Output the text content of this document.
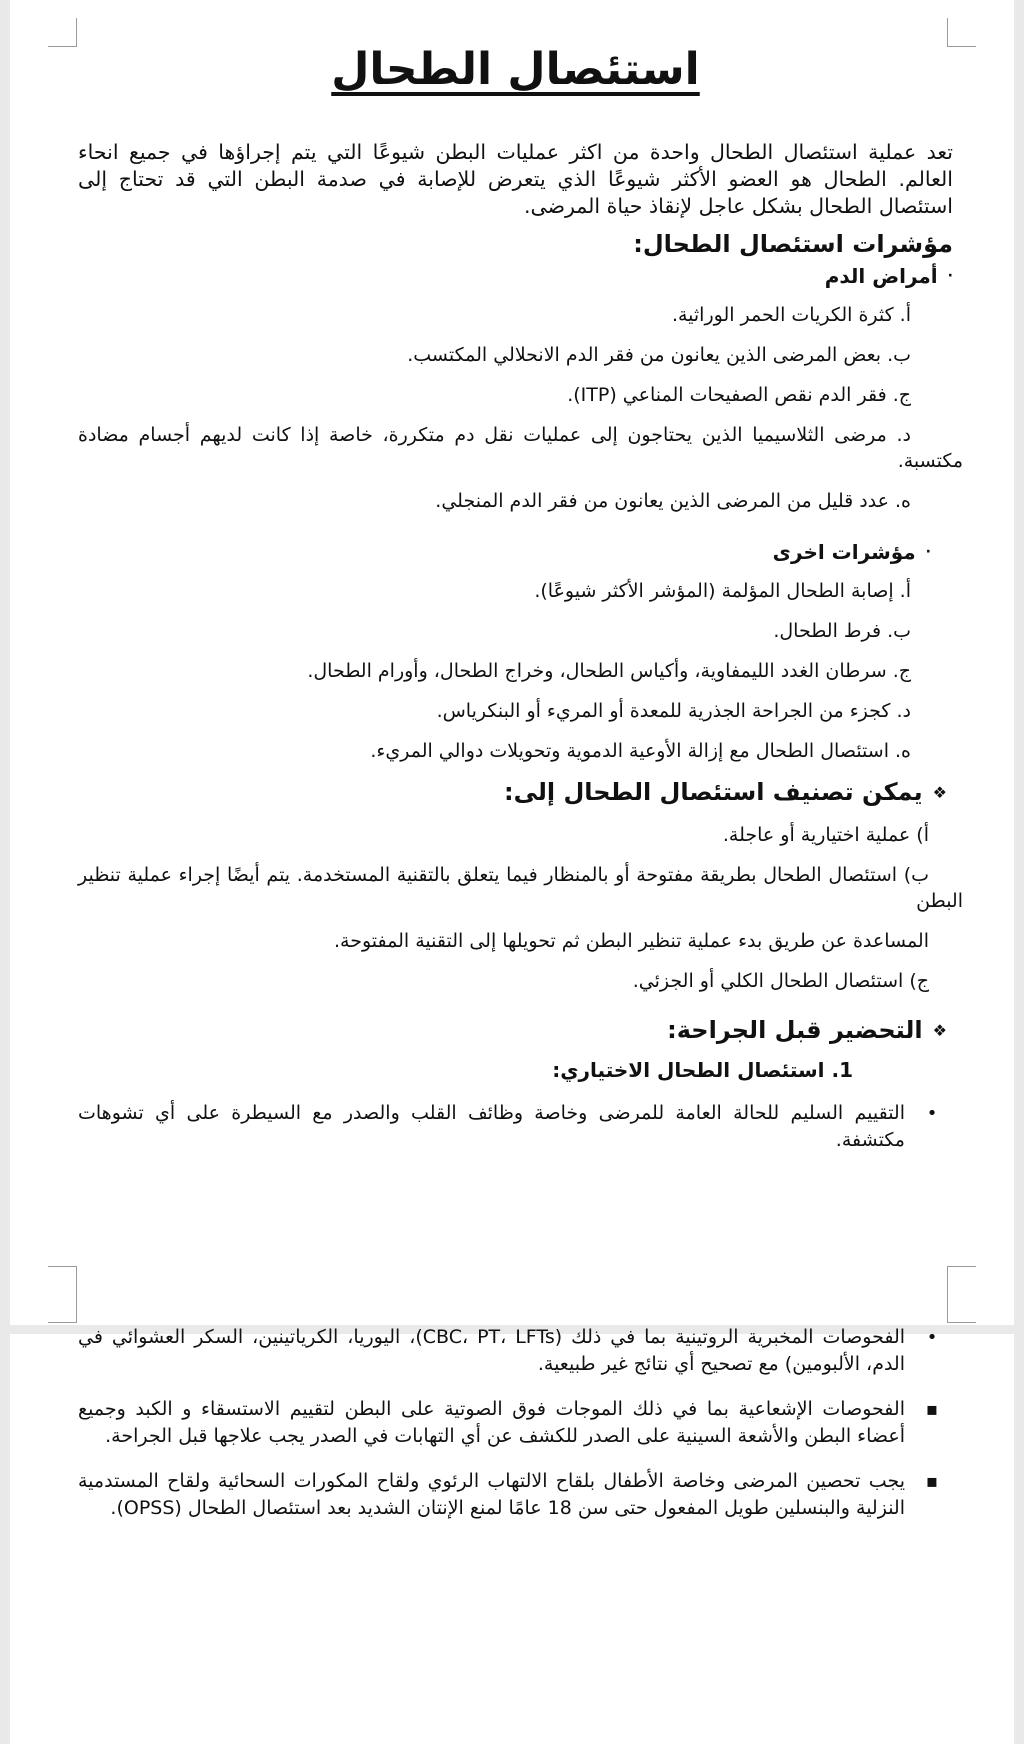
استئصال الطحال

تعد عملية استئصال الطحال واحدة من اكثر عمليات البطن شيوعًا التي يتم إجراؤها في جميع انحاء العالم. الطحال هو العضو الأكثر شيوعًا الذي يتعرض للإصابة في صدمة البطن التي قد تحتاج إلى استئصال الطحال بشكل عاجل لإنقاذ حياة المرضى.

مؤشرات استئصال الطحال:
·
أمراض الدم
أ.
كثرة الكريات الحمر الوراثية.
ب.
بعض المرضى الذين يعانون من فقر الدم الانحلالي المكتسب.
ج.
فقر الدم نقص الصفيحات المناعي (ITP).
د. مرضى الثلاسيميا الذين يحتاجون إلى عمليات نقل دم متكررة، خاصة إذا كانت لديهم أجسام مضادة مكتسبة.
ه.
عدد قليل من المرضى الذين يعانون من فقر الدم المنجلي.
·
مؤشرات اخرى
أ.
إصابة الطحال المؤلمة (المؤشر الأكثر شيوعًا).
ب.
فرط الطحال.
ج.
سرطان الغدد الليمفاوية، وأكياس الطحال، وخراج الطحال، وأورام الطحال.
د.
كجزء من الجراحة الجذرية للمعدة أو المريء أو البنكرياس.
ه.
استئصال الطحال مع إزالة الأوعية الدموية وتحويلات دوالي المريء.
❖
يمكن تصنيف استئصال الطحال إلى:
أ) عملية اختيارية أو عاجلة.
ب) استئصال الطحال بطريقة مفتوحة أو بالمنظار فيما يتعلق بالتقنية المستخدمة. يتم أيضًا إجراء عملية تنظير البطن
المساعدة عن طريق بدء عملية تنظير البطن ثم تحويلها إلى التقنية المفتوحة.
ج) استئصال الطحال الكلي أو الجزئي.
❖
التحضير قبل الجراحة:
1. استئصال الطحال الاختياري:
•
التقييم السليم للحالة العامة للمرضى وخاصة وظائف القلب والصدر مع السيطرة على أي تشوهات مكتشفة.
•
الفحوصات المخبرية الروتينية بما في ذلك (CBC، PT، LFTs)، اليوريا، الكرياتينين، السكر العشوائي في الدم، الألبومين) مع تصحيح أي نتائج غير طبيعية.
▪
الفحوصات الإشعاعية بما في ذلك الموجات فوق الصوتية على البطن لتقييم الاستسقاء و الكبد وجميع أعضاء البطن والأشعة السينية على الصدر للكشف عن أي التهابات في الصدر يجب علاجها قبل الجراحة.
▪
يجب تحصين المرضى وخاصة الأطفال بلقاح الالتهاب الرئوي ولقاح المكورات السحائية ولقاح المستدمية النزلية والبنسلين طويل المفعول حتى سن 18 عامًا لمنع الإنتان الشديد بعد استئصال الطحال (OPSS).
